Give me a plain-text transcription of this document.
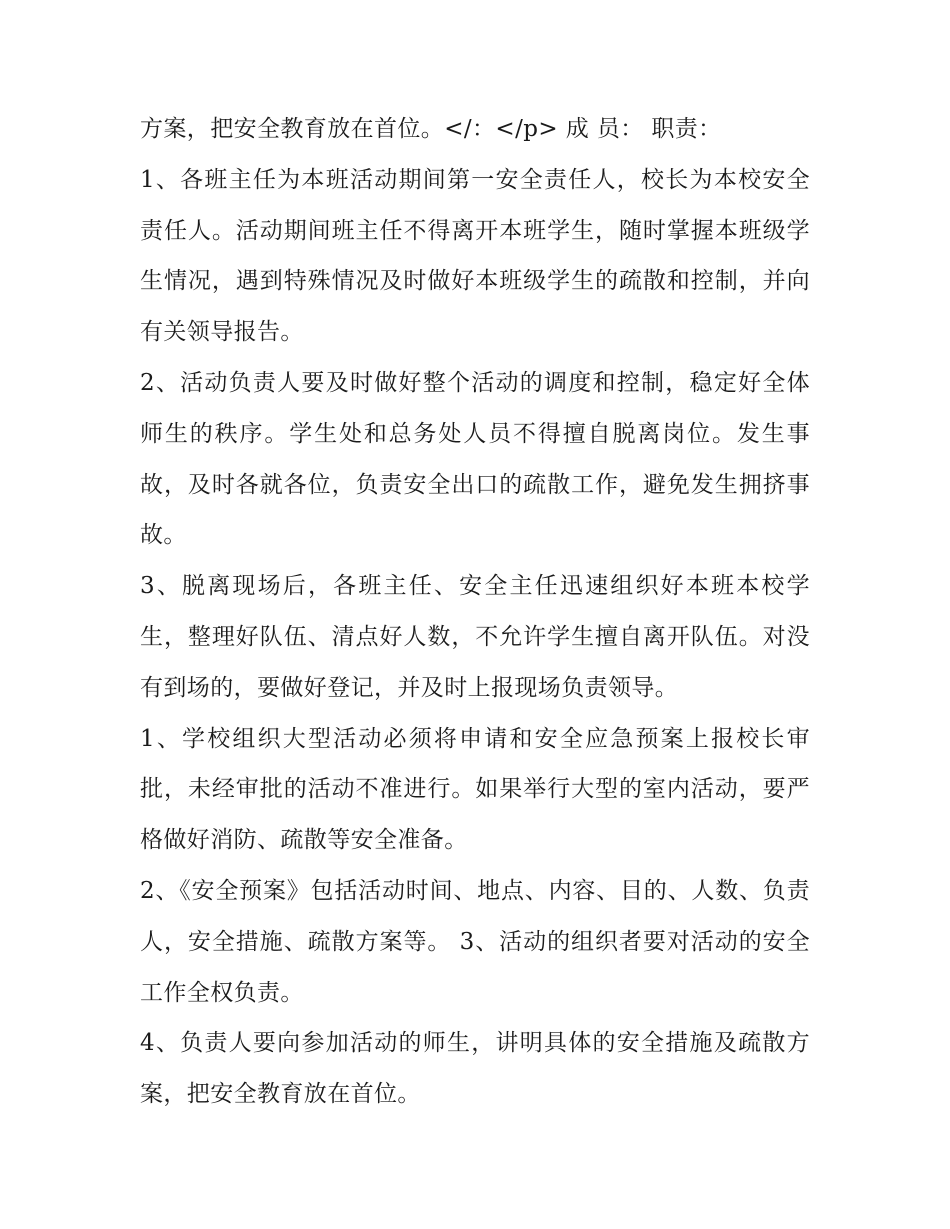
方案，把安全教育放在首位。</：</p> 成 员： 职责：

1、各班主任为本班活动期间第一安全责任人，校长为本校安全责任人。活动期间班主任不得离开本班学生，随时掌握本班级学生情况，遇到特殊情况及时做好本班级学生的疏散和控制，并向有关领导报告。

2、活动负责人要及时做好整个活动的调度和控制，稳定好全体师生的秩序。学生处和总务处人员不得擅自脱离岗位。发生事故，及时各就各位，负责安全出口的疏散工作，避免发生拥挤事故。

3、脱离现场后，各班主任、安全主任迅速组织好本班本校学生，整理好队伍、清点好人数，不允许学生擅自离开队伍。对没有到场的，要做好登记，并及时上报现场负责领导。

1、学校组织大型活动必须将申请和安全应急预案上报校长审批，未经审批的活动不准进行。如果举行大型的室内活动，要严格做好消防、疏散等安全准备。

2、《安全预案》包括活动时间、地点、内容、目的、人数、负责人，安全措施、疏散方案等。 3、活动的组织者要对活动的安全工作全权负责。

4、负责人要向参加活动的师生，讲明具体的安全措施及疏散方案，把安全教育放在首位。
